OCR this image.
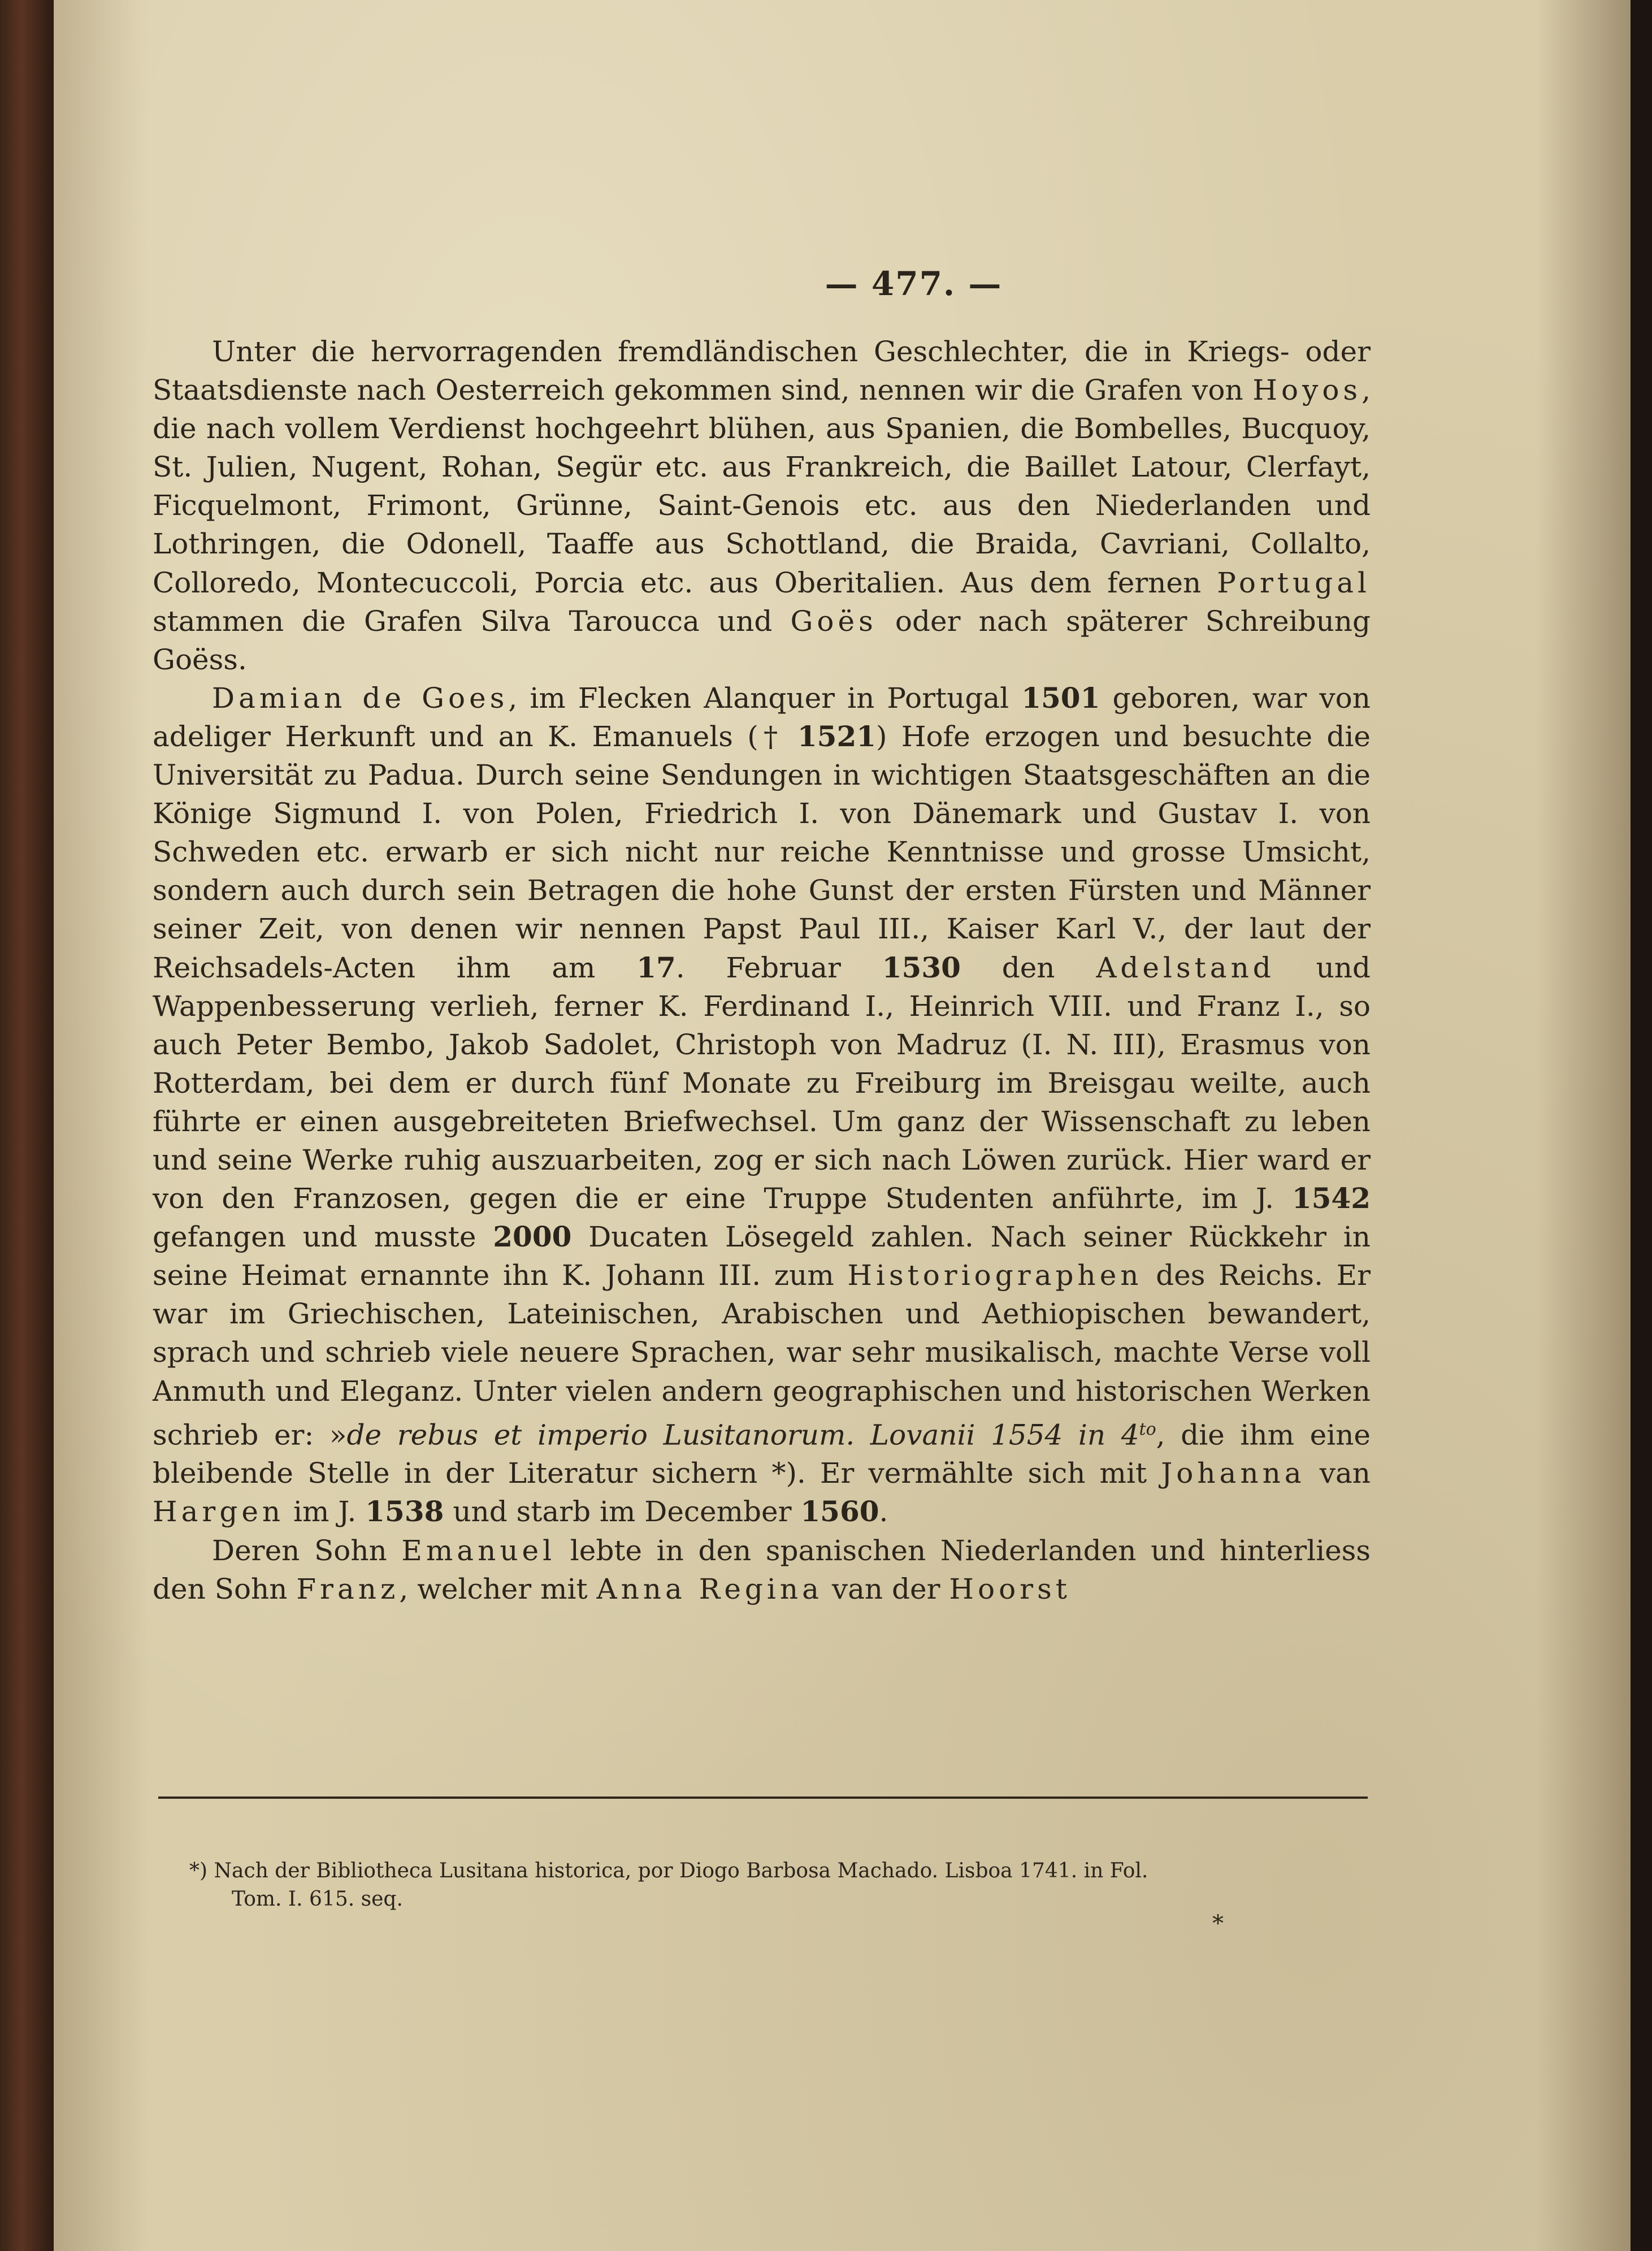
— 477. —

Unter die hervorragenden fremdländischen Geschlechter, die in Kriegs- oder Staatsdienste nach Oesterreich gekommen sind, nennen wir die Grafen von Hoyos, die nach vollem Verdienst hochgeehrt blühen, aus Spanien, die Bombelles, Bucquoy, St. Julien, Nugent, Rohan, Segür etc. aus Frankreich, die Baillet Latour, Clerfayt, Ficquelmont, Frimont, Grünne, Saint-Genois etc. aus den Niederlanden und Lothringen, die Odonell, Taaffe aus Schottland, die Braida, Cavriani, Collalto, Colloredo, Montecuccoli, Porcia etc. aus Oberitalien. Aus dem fernen Portugal stammen die Grafen Silva Taroucca und Goës oder nach späterer Schreibung Goëss.

Damian de Goes, im Flecken Alanquer in Portugal 1501 geboren, war von adeliger Herkunft und an K. Emanuels († 1521) Hofe erzogen und besuchte die Universität zu Padua. Durch seine Sendungen in wichtigen Staatsgeschäften an die Könige Sigmund I. von Polen, Friedrich I. von Dänemark und Gustav I. von Schweden etc. erwarb er sich nicht nur reiche Kenntnisse und grosse Umsicht, sondern auch durch sein Betragen die hohe Gunst der ersten Fürsten und Männer seiner Zeit, von denen wir nennen Papst Paul III., Kaiser Karl V., der laut der Reichsadels-Acten ihm am 17. Februar 1530 den Adelstand und Wappenbesserung verlieh, ferner K. Ferdinand I., Heinrich VIII. und Franz I., so auch Peter Bembo, Jakob Sadolet, Christoph von Madruz (I. N. III), Erasmus von Rotterdam, bei dem er durch fünf Monate zu Freiburg im Breisgau weilte, auch führte er einen ausgebreiteten Briefwechsel. Um ganz der Wissenschaft zu leben und seine Werke ruhig auszuarbeiten, zog er sich nach Löwen zurück. Hier ward er von den Franzosen, gegen die er eine Truppe Studenten anführte, im J. 1542 gefangen und musste 2000 Ducaten Lösegeld zahlen. Nach seiner Rückkehr in seine Heimat ernannte ihn K. Johann III. zum Historiographen des Reichs. Er war im Griechischen, Lateinischen, Arabischen und Aethiopischen bewandert, sprach und schrieb viele neuere Sprachen, war sehr musikalisch, machte Verse voll Anmuth und Eleganz. Unter vielen andern geographischen und historischen Werken schrieb er: »de rebus et imperio Lusitanorum. Lovanii 1554 in $4^{to}$, die ihm eine bleibende Stelle in der Literatur sichern *). Er vermählte sich mit Johanna van Hargen im J. 1538 und starb im December 1560.

Deren Sohn Emanuel lebte in den spanischen Niederlanden und hinterliess den Sohn Franz, welcher mit Anna Regina van der Hoorst

*) Nach der Bibliotheca Lusitana historica, por Diogo Barbosa Machado. Lisboa 1741. in Fol.
Tom. I. 615. seq.
*
